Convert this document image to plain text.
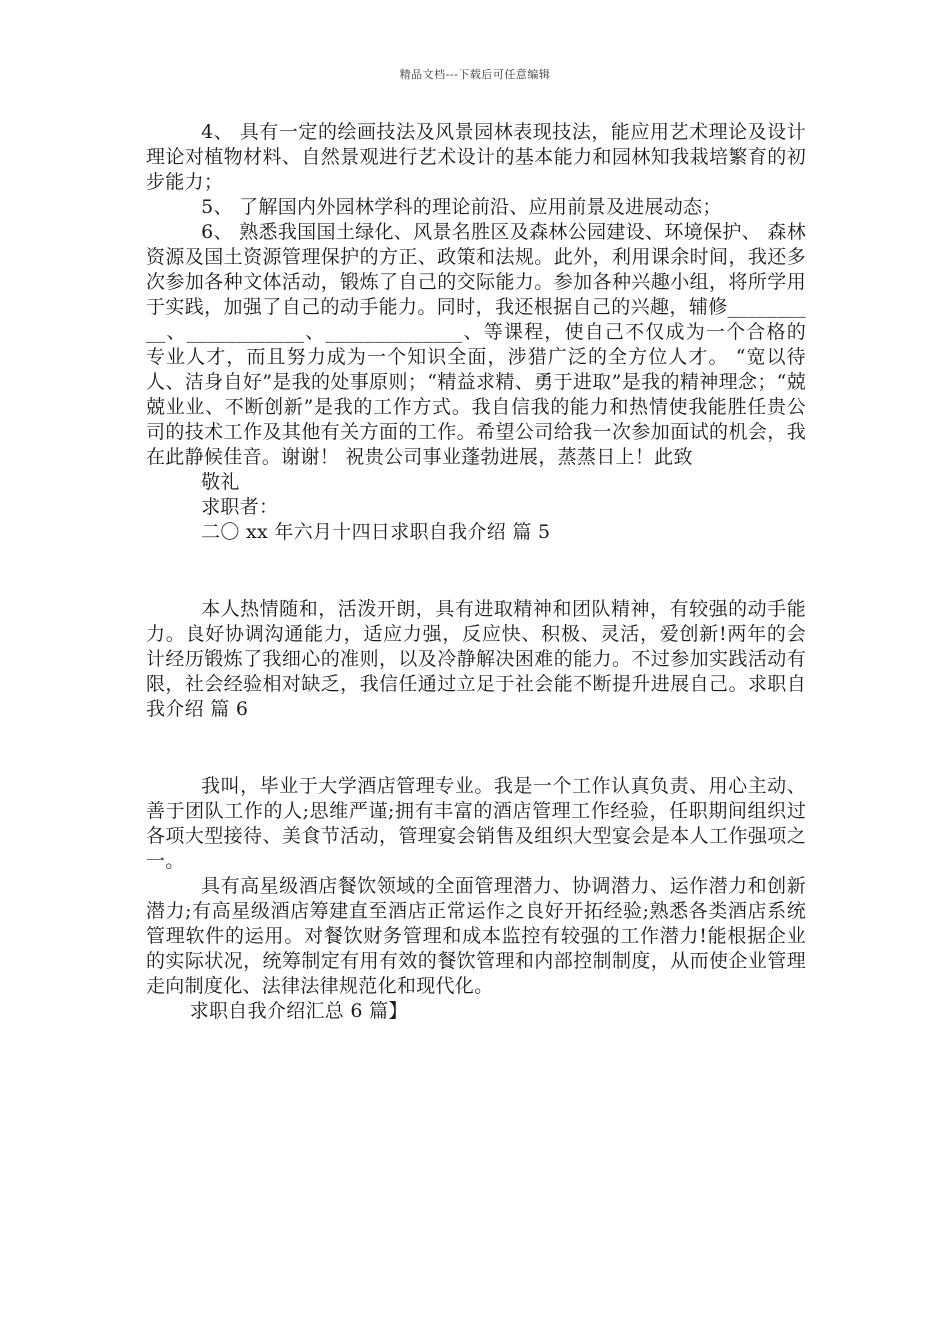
精品文档---下载后可任意编辑

4、 具有一定的绘画技法及风景园林表现技法，能应用艺术理论及设计理论对植物材料、自然景观进行艺术设计的基本能力和园林知我栽培繁育的初步能力；

5、 了解国内外园林学科的理论前沿、应用前景及进展动态；

6、 熟悉我国国土绿化、风景名胜区及森林公园建设、环境保护、 森林资源及国土资源管理保护的方正、政策和法规。此外，利用课余时间，我还多次参加各种文体活动，锻炼了自己的交际能力。参加各种兴趣小组，将所学用于实践，加强了自己的动手能力。同时，我还根据自己的兴趣，辅修__________、____________、______________、等课程，使自己不仅成为一个合格的专业人才，而且努力成为一个知识全面，涉猎广泛的全方位人才。 “宽以待人、洁身自好”是我的处事原则；“精益求精、勇于进取”是我的精神理念；“兢兢业业、不断创新”是我的工作方式。我自信我的能力和热情使我能胜任贵公司的技术工作及其他有关方面的工作。希望公司给我一次参加面试的机会，我在此静候佳音。谢谢！ 祝贵公司事业蓬勃进展，蒸蒸日上！此致

敬礼

求职者：

二〇 xx 年六月十四日求职自我介绍 篇 5

本人热情随和，活泼开朗，具有进取精神和团队精神，有较强的动手能力。良好协调沟通能力，适应力强，反应快、积极、灵活，爱创新!两年的会计经历锻炼了我细心的准则，以及冷静解决困难的能力。不过参加实践活动有限，社会经验相对缺乏，我信任通过立足于社会能不断提升进展自己。求职自我介绍 篇 6

我叫，毕业于大学酒店管理专业。我是一个工作认真负责、用心主动、善于团队工作的人;思维严谨;拥有丰富的酒店管理工作经验，任职期间组织过各项大型接待、美食节活动，管理宴会销售及组织大型宴会是本人工作强项之一。

具有高星级酒店餐饮领域的全面管理潜力、协调潜力、运作潜力和创新潜力;有高星级酒店筹建直至酒店正常运作之良好开拓经验;熟悉各类酒店系统管理软件的运用。对餐饮财务管理和成本监控有较强的工作潜力!能根据企业的实际状况，统筹制定有用有效的餐饮管理和内部控制制度，从而使企业管理走向制度化、法律法律规范化和现代化。

求职自我介绍汇总 6 篇】
